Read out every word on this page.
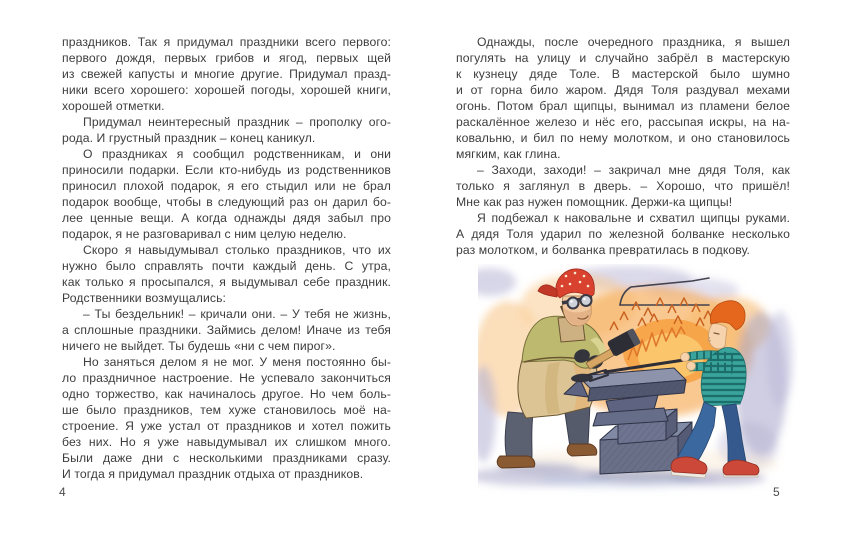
праздников. Так я придумал праздники всего первого:
первого дождя, первых грибов и ягод, первых щей
из свежей капусты и многие другие. Придумал празд-
ники всего хорошего: хорошей погоды, хорошей книги,
хорошей отметки.
Придумал неинтересный праздник – прополку ого-
рода. И грустный праздник – конец каникул.
О праздниках я сообщил родственникам, и они
приносили подарки. Если кто-нибудь из родственников
приносил плохой подарок, я его стыдил или не брал
подарок вообще, чтобы в следующий раз он дарил бо-
лее ценные вещи. А когда однажды дядя забыл про
подарок, я не разговаривал с ним целую неделю.
Скоро я навыдумывал столько праздников, что их
нужно было справлять почти каждый день. С утра,
как только я просыпался, я выдумывал себе праздник.
Родственники возмущались:
– Ты бездельник! – кричали они. – У тебя не жизнь,
а сплошные праздники. Займись делом! Иначе из тебя
ничего не выйдет. Ты будешь «ни с чем пирог».
Но заняться делом я не мог. У меня постоянно бы-
ло праздничное настроение. Не успевало закончиться
одно торжество, как начиналось другое. Но чем боль-
ше было праздников, тем хуже становилось моё на-
строение. Я уже устал от праздников и хотел пожить
без них. Но я уже навыдумывал их слишком много.
Были даже дни с несколькими праздниками сразу.
И тогда я придумал праздник отдыха от праздников.
4
Однажды, после очередного праздника, я вышел
погулять на улицу и случайно забрёл в мастерскую
к кузнецу дяде Толе. В мастерской было шумно
и от горна било жаром. Дядя Толя раздувал мехами
огонь. Потом брал щипцы, вынимал из пламени белое
раскалённое железо и нёс его, рассыпая искры, на на-
ковальню, и бил по нему молотком, и оно становилось
мягким, как глина.
– Заходи, заходи! – закричал мне дядя Толя, как
только я заглянул в дверь. – Хорошо, что пришёл!
Мне как раз нужен помощник. Держи-ка щипцы!
Я подбежал к наковальне и схватил щипцы руками.
А дядя Толя ударил по железной болванке несколько
раз молотком, и болванка превратилась в подкову.
5
